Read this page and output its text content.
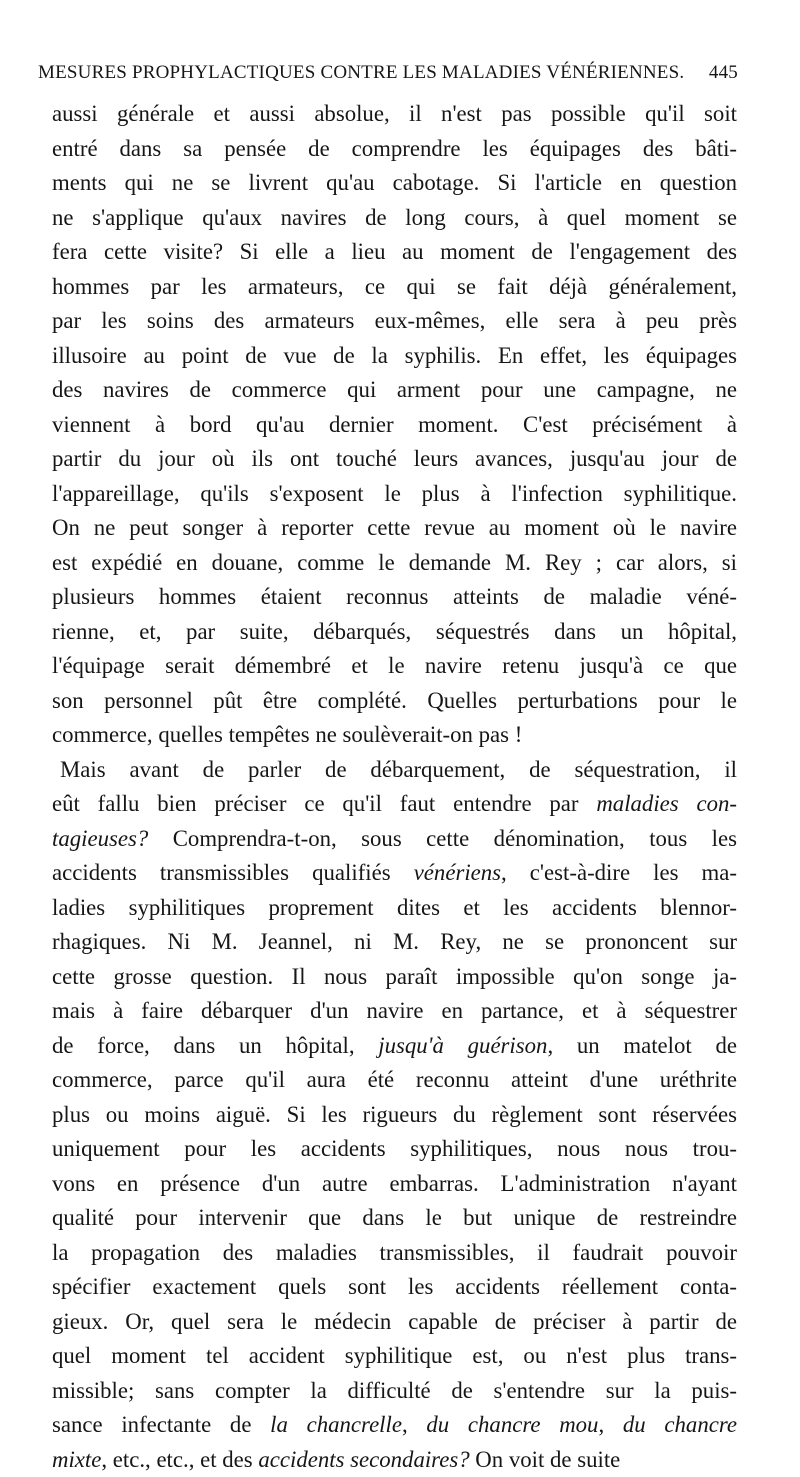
MESURES PROPHYLACTIQUES CONTRE LES MALADIES VÉNÉRIENNES. 445
aussi générale et aussi absolue, il n'est pas possible qu'il soit
entré dans sa pensée de comprendre les équipages des bâti-
ments qui ne se livrent qu'au cabotage. Si l'article en question
ne s'applique qu'aux navires de long cours, à quel moment se
fera cette visite? Si elle a lieu au moment de l'engagement des
hommes par les armateurs, ce qui se fait déjà généralement,
par les soins des armateurs eux-mêmes, elle sera à peu près
illusoire au point de vue de la syphilis. En effet, les équipages
des navires de commerce qui arment pour une campagne, ne
viennent à bord qu'au dernier moment. C'est précisément à
partir du jour où ils ont touché leurs avances, jusqu'au jour de
l'appareillage, qu'ils s'exposent le plus à l'infection syphilitique.
On ne peut songer à reporter cette revue au moment où le navire
est expédié en douane, comme le demande M. Rey ; car alors, si
plusieurs hommes étaient reconnus atteints de maladie véné-
rienne, et, par suite, débarqués, séquestrés dans un hôpital,
l'équipage serait démembré et le navire retenu jusqu'à ce que
son personnel pût être complété. Quelles perturbations pour le
commerce, quelles tempêtes ne soulèverait-on pas !
Mais avant de parler de débarquement, de séquestration, il
eût fallu bien préciser ce qu'il faut entendre par maladies con-
tagieuses? Comprendra-t-on, sous cette dénomination, tous les
accidents transmissibles qualifiés vénériens, c'est-à-dire les ma-
ladies syphilitiques proprement dites et les accidents blennor-
rhagiques. Ni M. Jeannel, ni M. Rey, ne se prononcent sur
cette grosse question. Il nous paraît impossible qu'on songe ja-
mais à faire débarquer d'un navire en partance, et à séquestrer
de force, dans un hôpital, jusqu'à guérison, un matelot de
commerce, parce qu'il aura été reconnu atteint d'une uréthrite
plus ou moins aiguë. Si les rigueurs du règlement sont réservées
uniquement pour les accidents syphilitiques, nous nous trou-
vons en présence d'un autre embarras. L'administration n'ayant
qualité pour intervenir que dans le but unique de restreindre
la propagation des maladies transmissibles, il faudrait pouvoir
spécifier exactement quels sont les accidents réellement conta-
gieux. Or, quel sera le médecin capable de préciser à partir de
quel moment tel accident syphilitique est, ou n'est plus trans-
missible; sans compter la difficulté de s'entendre sur la puis-
sance infectante de la chancrelle, du chancre mou, du chancre
mixte, etc., etc., et des accidents secondaires? On voit de suite
